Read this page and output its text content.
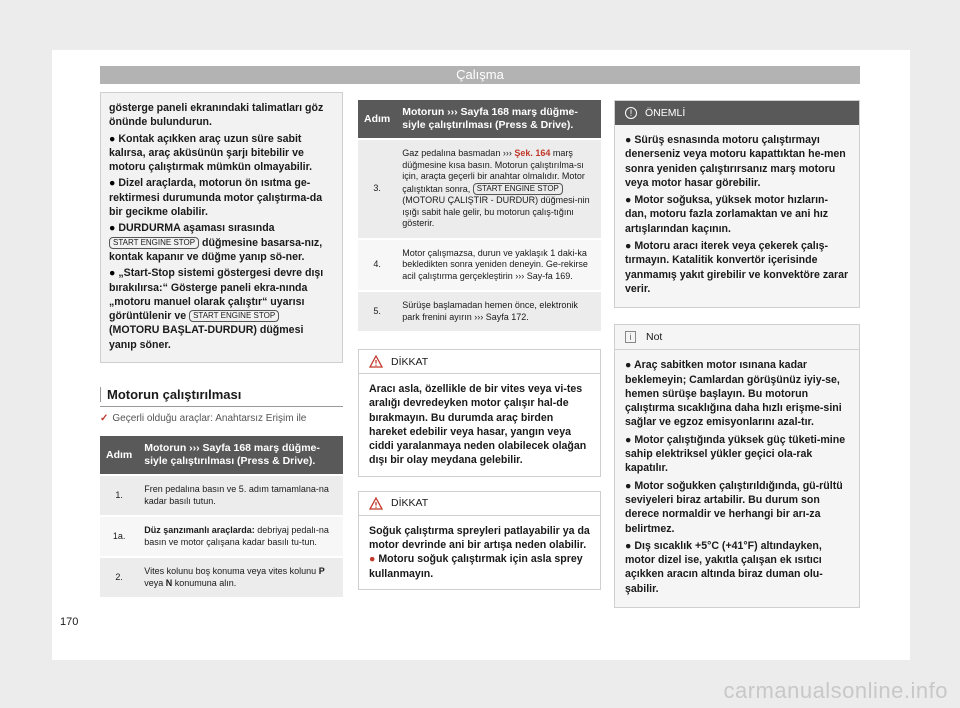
Çalışma

gösterge paneli ekranındaki talimatları göz önünde bulundurun.

● Kontak açıkken araç uzun süre sabit kalırsa, araç aküsünün şarjı bitebilir ve motoru çalıştırmak mümkün olmayabilir.

● Dizel araçlarda, motorun ön ısıtma ge-rektirmesi durumunda motor çalıştırma-da bir gecikme olabilir.

● DURDURMA aşaması sırasında START ENGINE STOP düğmesine basarsa-nız, kontak kapanır ve düğme yanıp sö-ner.

● „Start-Stop sistemi göstergesi devre dışı bırakılırsa:“ Gösterge paneli ekra-nında „motoru manuel olarak çalıştır“ uyarısı görüntülenir ve START ENGINE STOP (MOTORU BAŞLAT-DURDUR) düğmesi yanıp söner.

Motorun çalıştırılması
✓ Geçerli olduğu araçlar: Anahtarsız Erişim ile
Adım	Motorun ››› Sayfa 168 marş düğme-siyle çalıştırılması (Press & Drive).
1.	Fren pedalına basın ve 5. adım tamamlana-na kadar basılı tutun.
1a.	Düz şanzımanlı araçlarda: debriyaj pedalı-na basın ve motor çalışana kadar basılı tu-tun.
2.	Vites kolunu boş konuma veya vites kolunu P veya N konumuna alın.
Adım	Motorun ››› Sayfa 168 marş düğme-siyle çalıştırılması (Press & Drive).
3.	Gaz pedalına basmadan ››› Şek. 164 marş düğmesine kısa basın. Motorun çalıştırılma-sı için, araçta geçerli bir anahtar olmalıdır. Motor çalıştıktan sonra, START ENGINE STOP (MOTORU ÇALIŞTIR - DURDUR) düğmesi-nin ışığı sabit hale gelir, bu motorun çalış-tığını gösterir.
4.	Motor çalışmazsa, durun ve yaklaşık 1 daki-ka bekledikten sonra yeniden deneyin. Ge-rekirse acil çalıştırma gerçekleştirin ››› Say-fa 169.
5.	Sürüşe başlamadan hemen önce, elektronik park frenini ayırın ››› Sayfa 172.
DİKKAT
Aracı asla, özellikle de bir vites veya vi-tes aralığı devredeyken motor çalışır hal-de bırakmayın. Bu durumda araç birden hareket edebilir veya hasar, yangın veya ciddi yaralanmaya neden olabilecek olağan dışı bir olay meydana gelebilir.
DİKKAT

Soğuk çalıştırma spreyleri patlayabilir ya da motor devrinde ani bir artışa neden olabilir.

● Motoru soğuk çalıştırmak için asla sprey kullanmayın.

!	ÖNEMLİ

● Sürüş esnasında motoru çalıştırmayı denerseniz veya motoru kapattıktan he-men sonra yeniden çalıştırırsanız marş motoru veya motor hasar görebilir.

● Motor soğuksa, yüksek motor hızların-dan, motoru fazla zorlamaktan ve ani hız artışlarından kaçının.

● Motoru aracı iterek veya çekerek çalış-tırmayın. Katalitik konvertör içerisinde yanmamış yakıt girebilir ve konvektöre zarar verir.

i	Not

● Araç sabitken motor ısınana kadar beklemeyin; Camlardan görüşünüz iyiy-se, hemen sürüşe başlayın. Bu motorun çalıştırma sıcaklığına daha hızlı erişme-sini sağlar ve egzoz emisyonlarını azal-tır.

● Motor çalıştığında yüksek güç tüketi-mine sahip elektriksel yükler geçici ola-rak kapatılır.

● Motor soğukken çalıştırıldığında, gü-rültü seviyeleri biraz artabilir. Bu durum son derece normaldir ve herhangi bir arı-za belirtmez.

● Dış sıcaklık +5°C (+41°F) altındayken, motor dizel ise, yakıtla çalışan ek ısıtıcı açıkken aracın altında biraz duman olu-şabilir.

170
carmanualsonline.info
